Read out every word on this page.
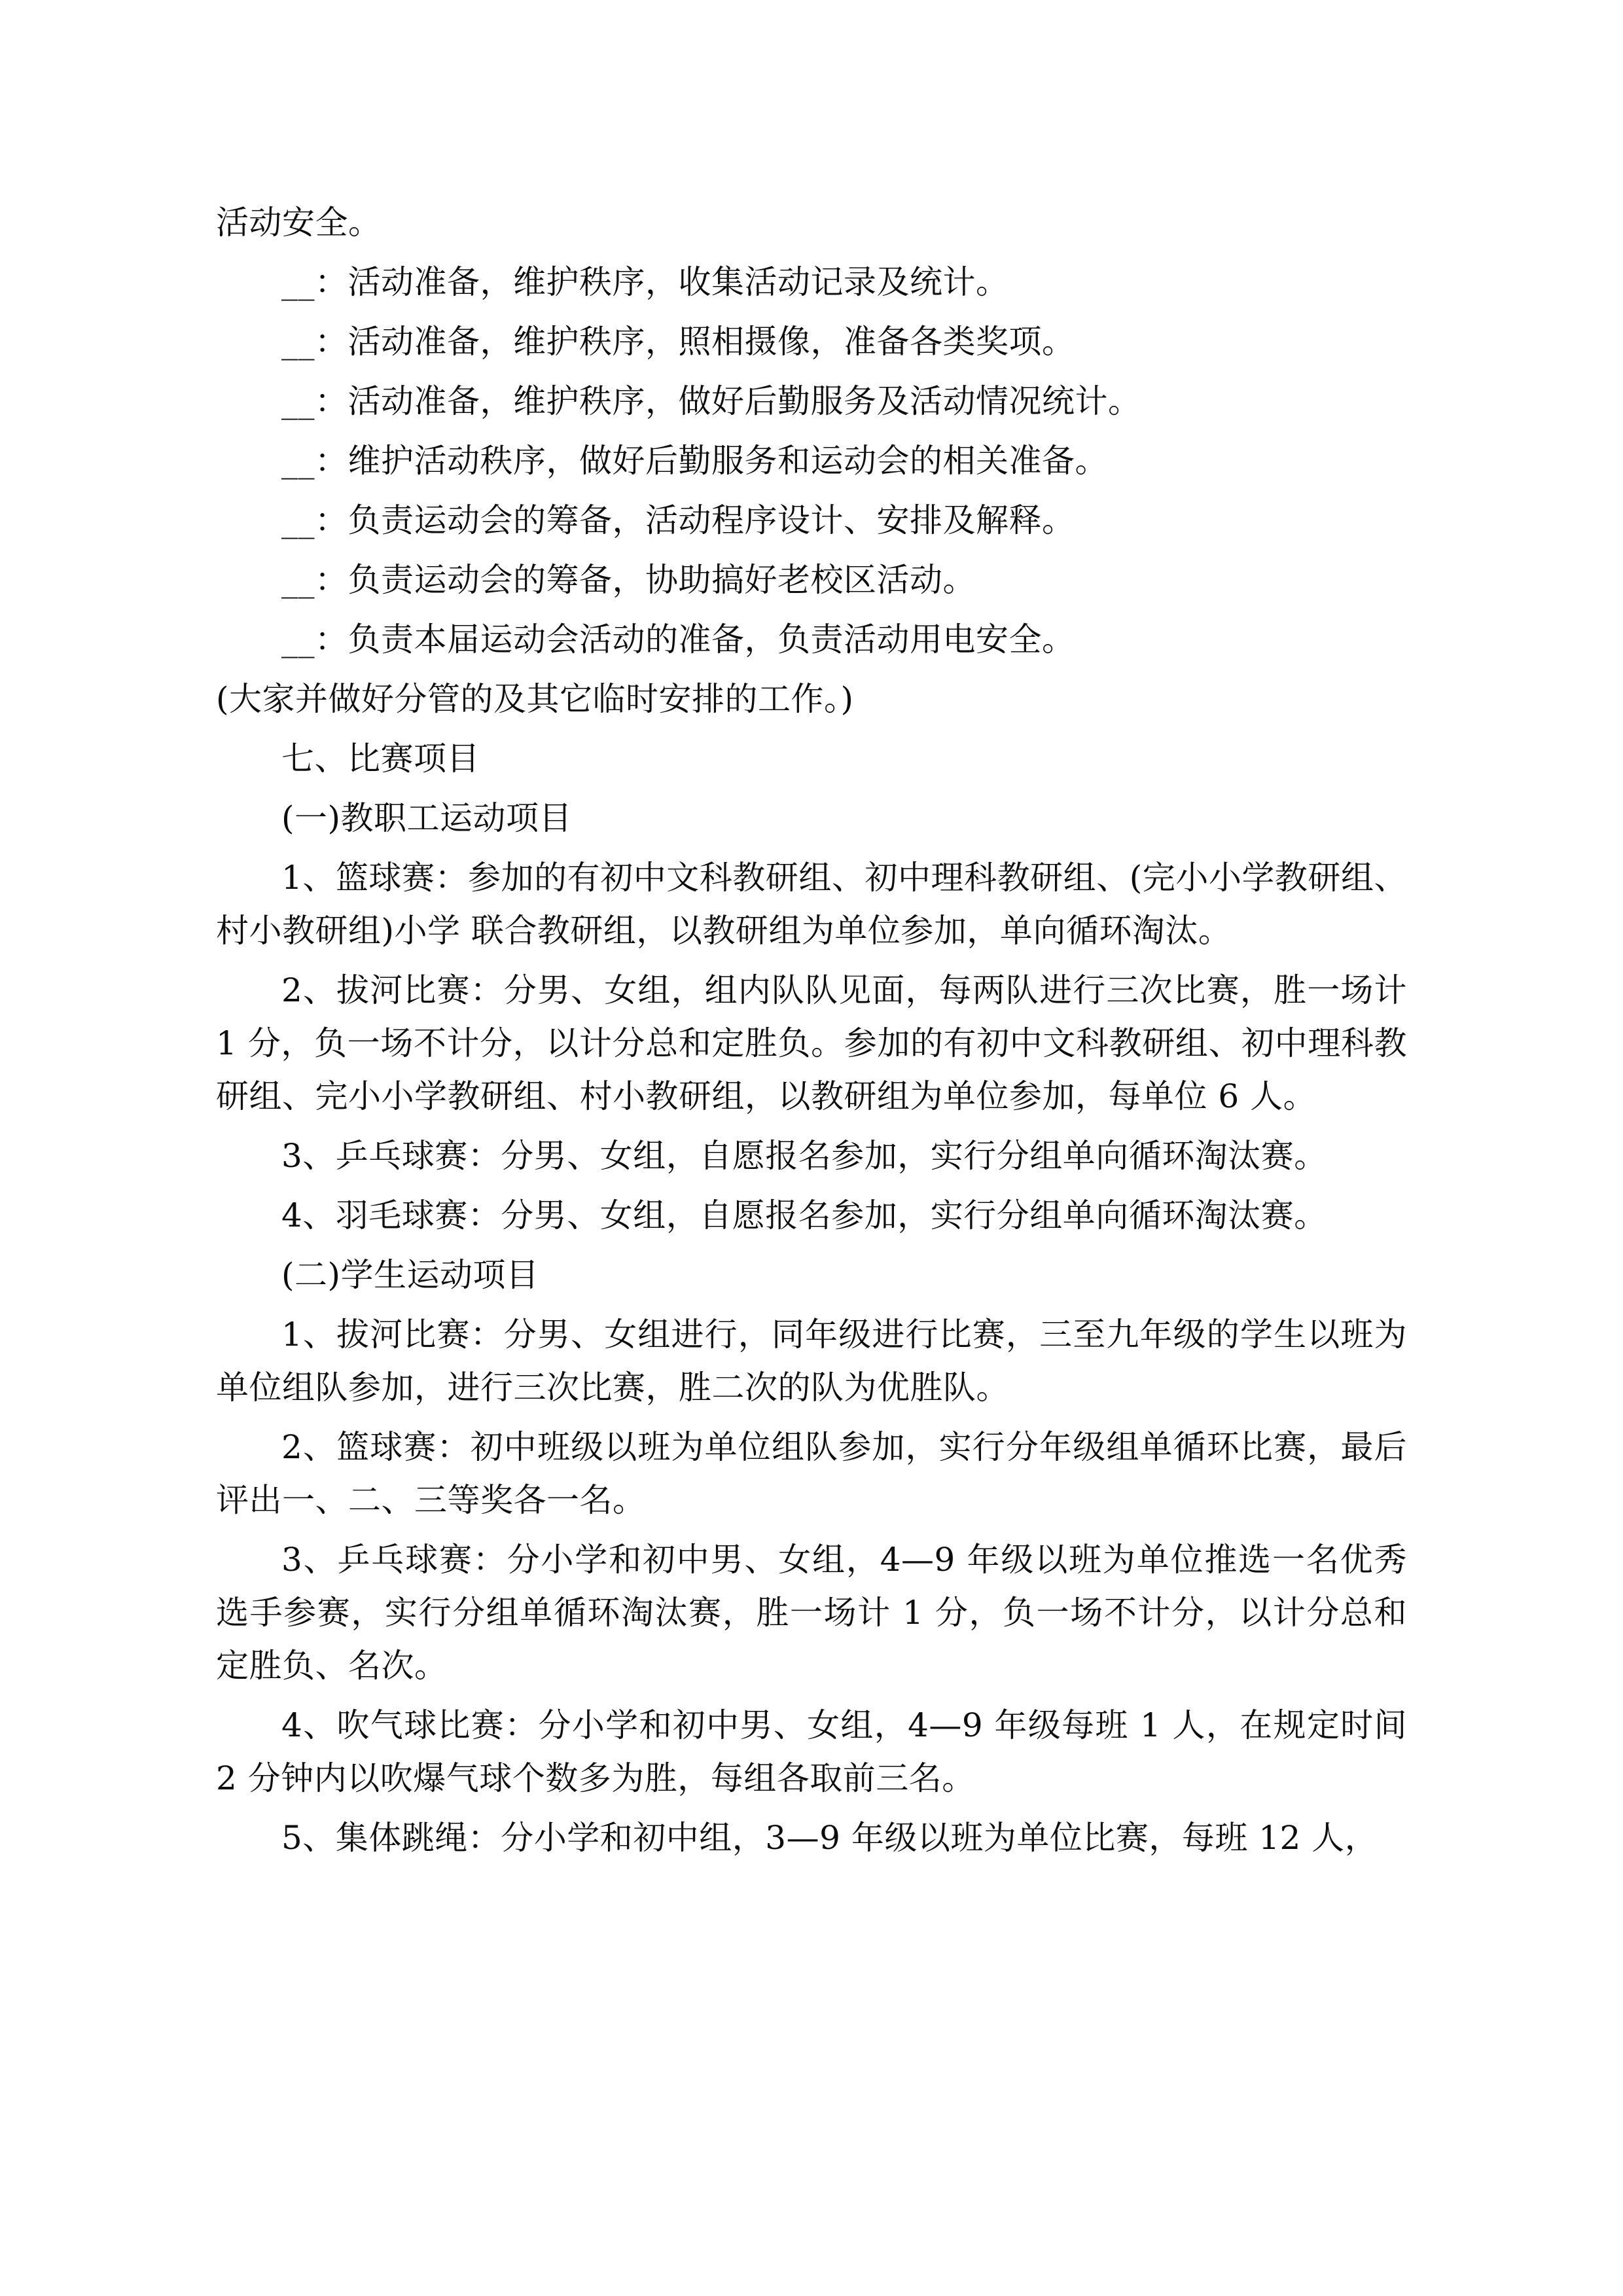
活动安全。

__：活动准备，维护秩序，收集活动记录及统计。

__：活动准备，维护秩序，照相摄像，准备各类奖项。

__：活动准备，维护秩序，做好后勤服务及活动情况统计。

__：维护活动秩序，做好后勤服务和运动会的相关准备。

__：负责运动会的筹备，活动程序设计、安排及解释。

__：负责运动会的筹备，协助搞好老校区活动。

__：负责本届运动会活动的准备，负责活动用电安全。

(大家并做好分管的及其它临时安排的工作。)

七、比赛项目

(一)教职工运动项目

1、篮球赛：参加的有初中文科教研组、初中理科教研组、(完小小学教研组、村小教研组)小学 联合教研组，以教研组为单位参加，单向循环淘汰。

2、拔河比赛：分男、女组，组内队队见面，每两队进行三次比赛，胜一场计 1 分，负一场不计分，以计分总和定胜负。参加的有初中文科教研组、初中理科教研组、完小小学教研组、村小教研组，以教研组为单位参加，每单位 6 人。

3、乒乓球赛：分男、女组，自愿报名参加，实行分组单向循环淘汰赛。

4、羽毛球赛：分男、女组，自愿报名参加，实行分组单向循环淘汰赛。

(二)学生运动项目

1、拔河比赛：分男、女组进行，同年级进行比赛，三至九年级的学生以班为单位组队参加，进行三次比赛，胜二次的队为优胜队。

2、篮球赛：初中班级以班为单位组队参加，实行分年级组单循环比赛，最后评出一、二、三等奖各一名。

3、乒乓球赛：分小学和初中男、女组，4—9 年级以班为单位推选一名优秀选手参赛，实行分组单循环淘汰赛，胜一场计 1 分，负一场不计分，以计分总和定胜负、名次。

4、吹气球比赛：分小学和初中男、女组，4—9 年级每班 1 人，在规定时间 2 分钟内以吹爆气球个数多为胜，每组各取前三名。

5、集体跳绳：分小学和初中组，3—9 年级以班为单位比赛，每班 12 人，
